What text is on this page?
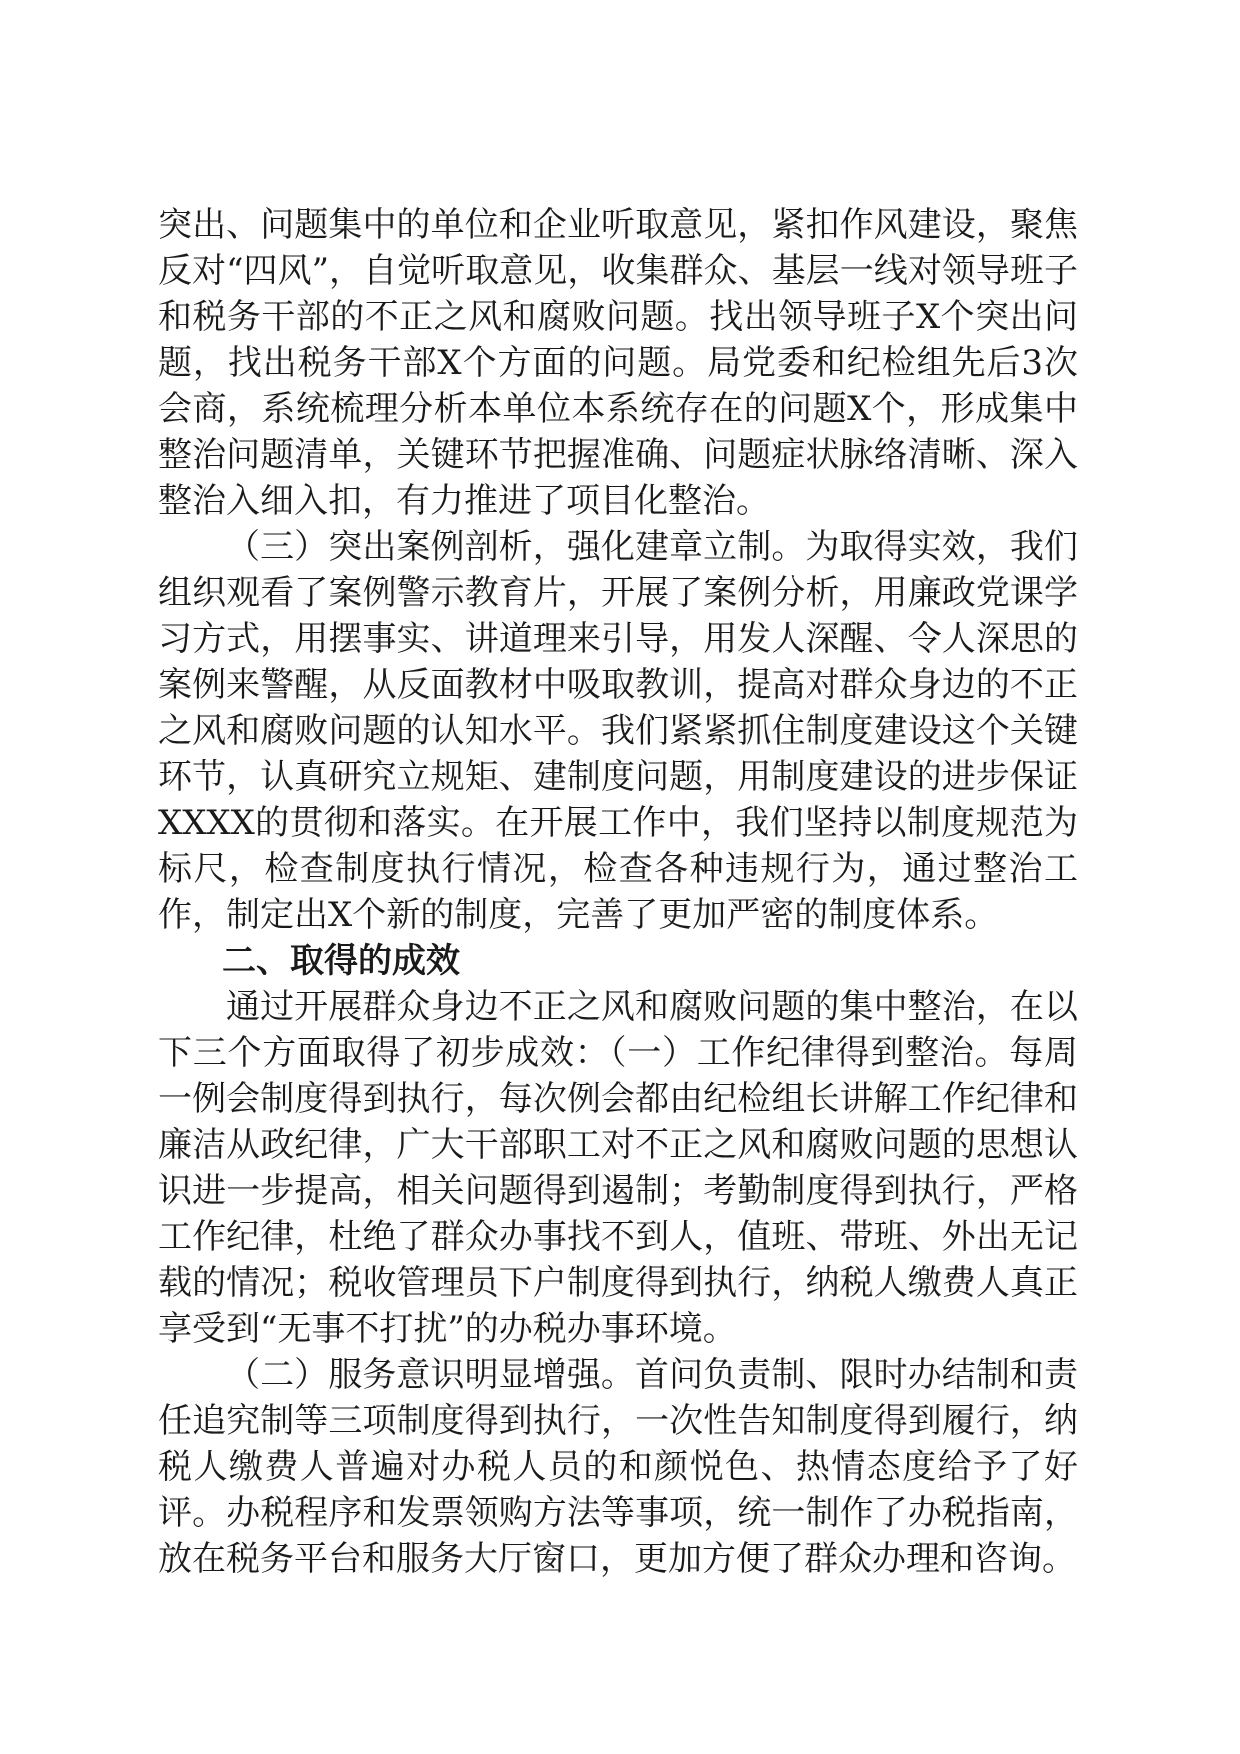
突出、问题集中的单位和企业听取意见，紧扣作风建设，聚焦反对“四风”，自觉听取意见，收集群众、基层一线对领导班子和税务干部的不正之风和腐败问题。找出领导班子X个突出问题，找出税务干部X个方面的问题。局党委和纪检组先后3次会商，系统梳理分析本单位本系统存在的问题X个，形成集中整治问题清单，关键环节把握准确、问题症状脉络清晰、深入整治入细入扣，有力推进了项目化整治。

（三）突出案例剖析，强化建章立制。为取得实效，我们组织观看了案例警示教育片，开展了案例分析，用廉政党课学习方式，用摆事实、讲道理来引导，用发人深醒、令人深思的案例来警醒，从反面教材中吸取教训，提高对群众身边的不正之风和腐败问题的认知水平。我们紧紧抓住制度建设这个关键环节，认真研究立规矩、建制度问题，用制度建设的进步保证XXXX的贯彻和落实。在开展工作中，我们坚持以制度规范为标尺，检查制度执行情况，检查各种违规行为，通过整治工作，制定出X个新的制度，完善了更加严密的制度体系。

二、取得的成效

通过开展群众身边不正之风和腐败问题的集中整治，在以下三个方面取得了初步成效：（一）工作纪律得到整治。每周一例会制度得到执行，每次例会都由纪检组长讲解工作纪律和廉洁从政纪律，广大干部职工对不正之风和腐败问题的思想认识进一步提高，相关问题得到遏制；考勤制度得到执行，严格工作纪律，杜绝了群众办事找不到人，值班、带班、外出无记载的情况；税收管理员下户制度得到执行，纳税人缴费人真正享受到“无事不打扰”的办税办事环境。

（二）服务意识明显增强。首问负责制、限时办结制和责任追究制等三项制度得到执行，一次性告知制度得到履行，纳税人缴费人普遍对办税人员的和颜悦色、热情态度给予了好评。办税程序和发票领购方法等事项，统一制作了办税指南，放在税务平台和服务大厅窗口，更加方便了群众办理和咨询。
